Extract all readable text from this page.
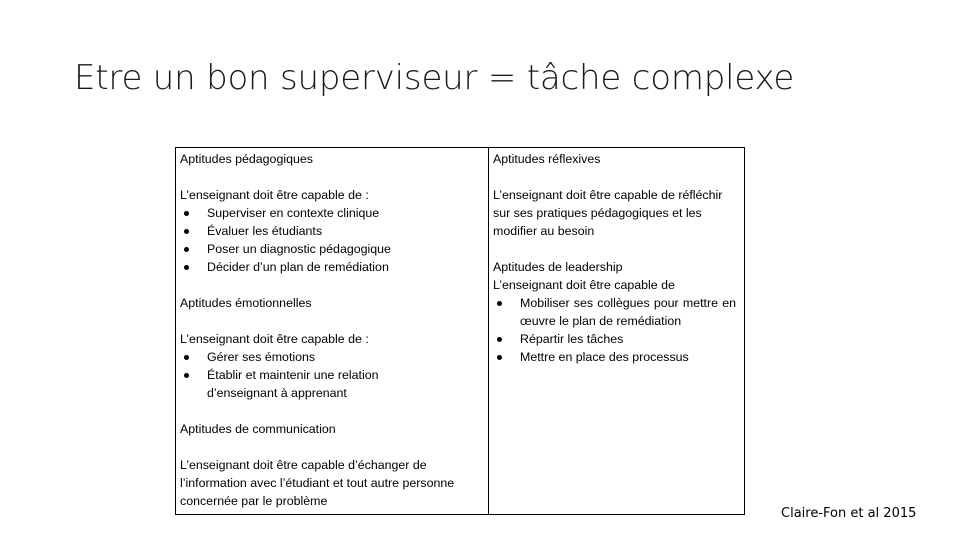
Etre un bon superviseur = tâche complexe

Aptitudes pédagogiques

L’enseignant doit être capable de :

Superviser en contexte clinique
Évaluer les étudiants
Poser un diagnostic pédagogique
Décider d’un plan de remédiation

Aptitudes émotionnelles

L’enseignant doit être capable de :

Gérer ses émotions
Établir et maintenir une relation d’enseignant à apprenant

Aptitudes de communication

L’enseignant doit être capable d’échanger de l’information avec l’étudiant et tout autre personne concernée par le problème

Aptitudes réflexives

L’enseignant doit être capable de réfléchir sur ses pratiques pédagogiques et les modifier au besoin

Aptitudes de leadership

L’enseignant doit être capable de

Mobiliser ses collègues pour mettre en œuvre le plan de remédiation
Répartir les tâches
Mettre en place des processus
Claire-Fon et al 2015
